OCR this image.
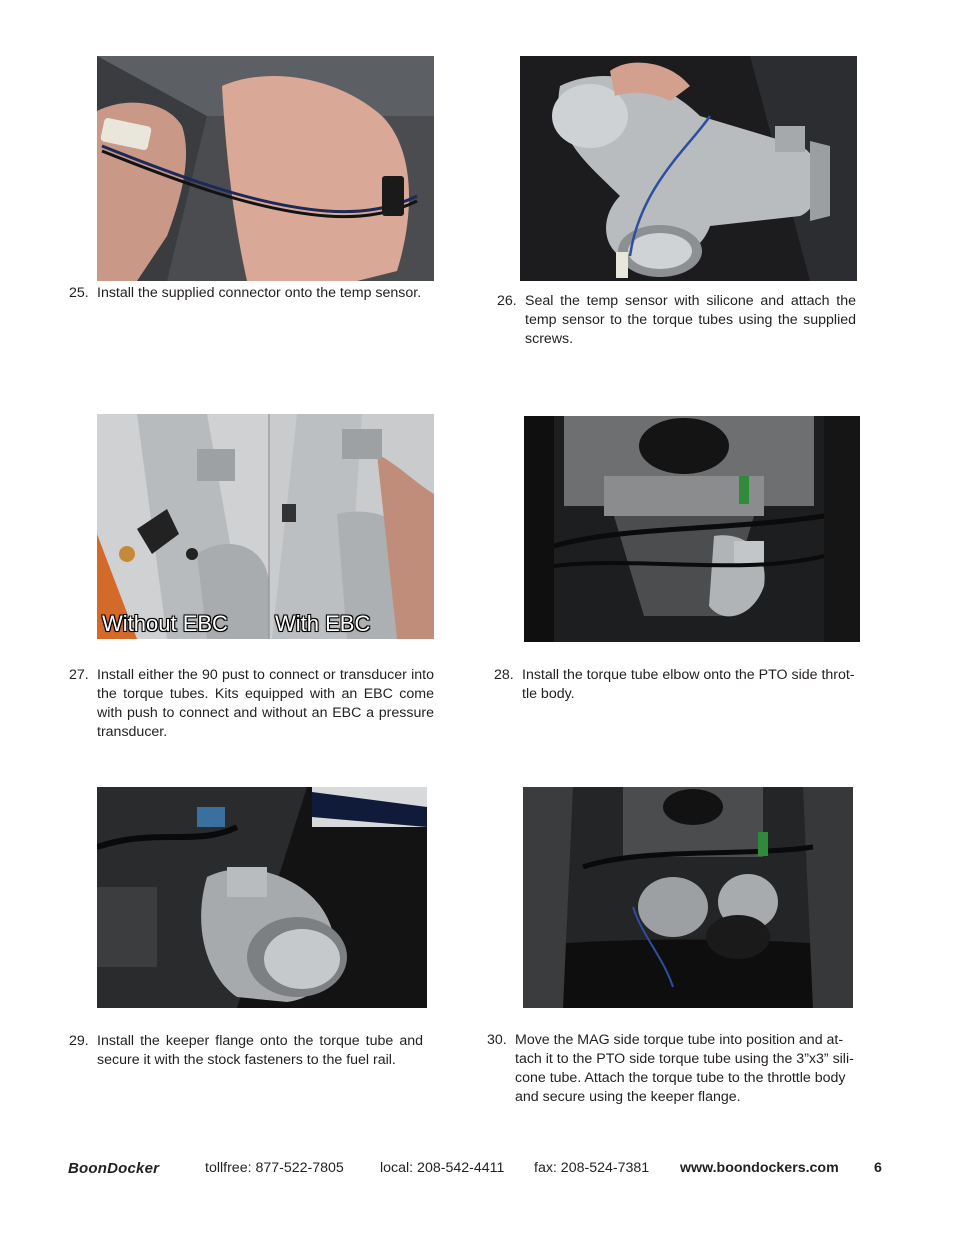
25. Install the supplied connector onto the temp sensor.	26. Seal the temp sensor with silicone and attach the temp sensor to the torque tubes using the supplied screws.
Without EBC With EBC
27. Install either the 90 pust to connect or transducer into the torque tubes. Kits equipped with an EBC come with push to connect and without an EBC a pressure transducer.
28. Install the torque tube elbow onto the PTO side throt-tle body.
29. Install the keeper flange onto the torque tube and secure it with the stock fasteners to the fuel rail.
30. Move the MAG side torque tube into position and at-tach it to the PTO side torque tube using the 3”x3” sili-cone tube. Attach the torque tube to the throttle body and secure using the keeper flange.
BoonDocker	tollfree: 877-522-7805	local: 208-542-4411 fax: 208-524-7381 www.boondockers.com 6
